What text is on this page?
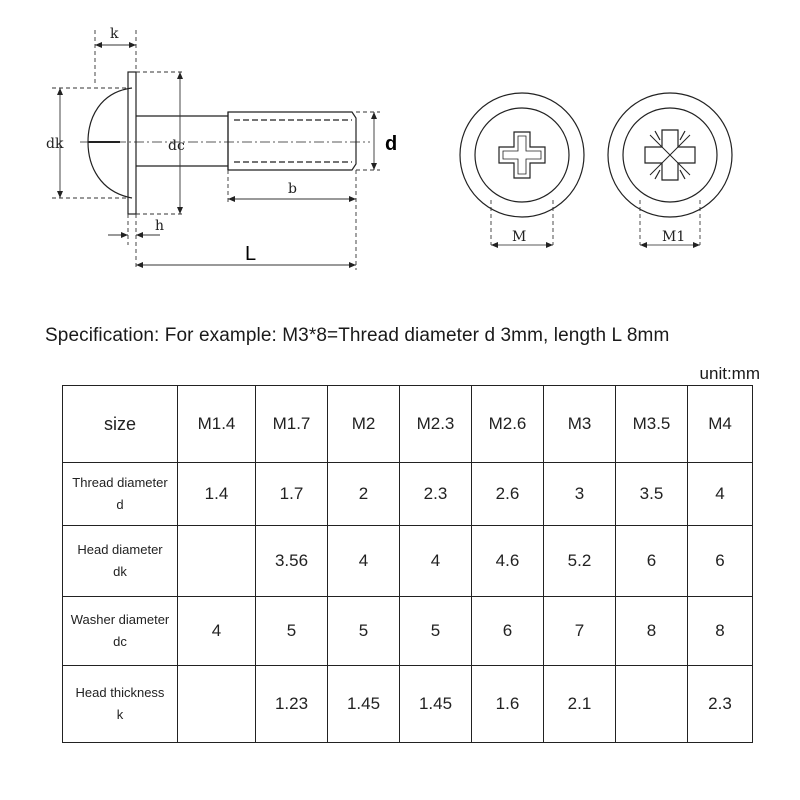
k
dk	dc	d
b
h
L
M	M1
Specification: For example: M3*8=Thread diameter d 3mm, length L 8mm
unit:mm
size	M1.4	M1.7	M2	M2.3	M2.6	M3	M3.5	M4
Thread diameter
d	1.4	1.7	2	2.3	2.6	3	3.5	4
Head diameter
dk		3.56	4	4	4.6	5.2	6	6
Washer diameter
dc	4	5	5	5	6	7	8	8
Head thickness
k		1.23	1.45	1.45	1.6	2.1		2.3
